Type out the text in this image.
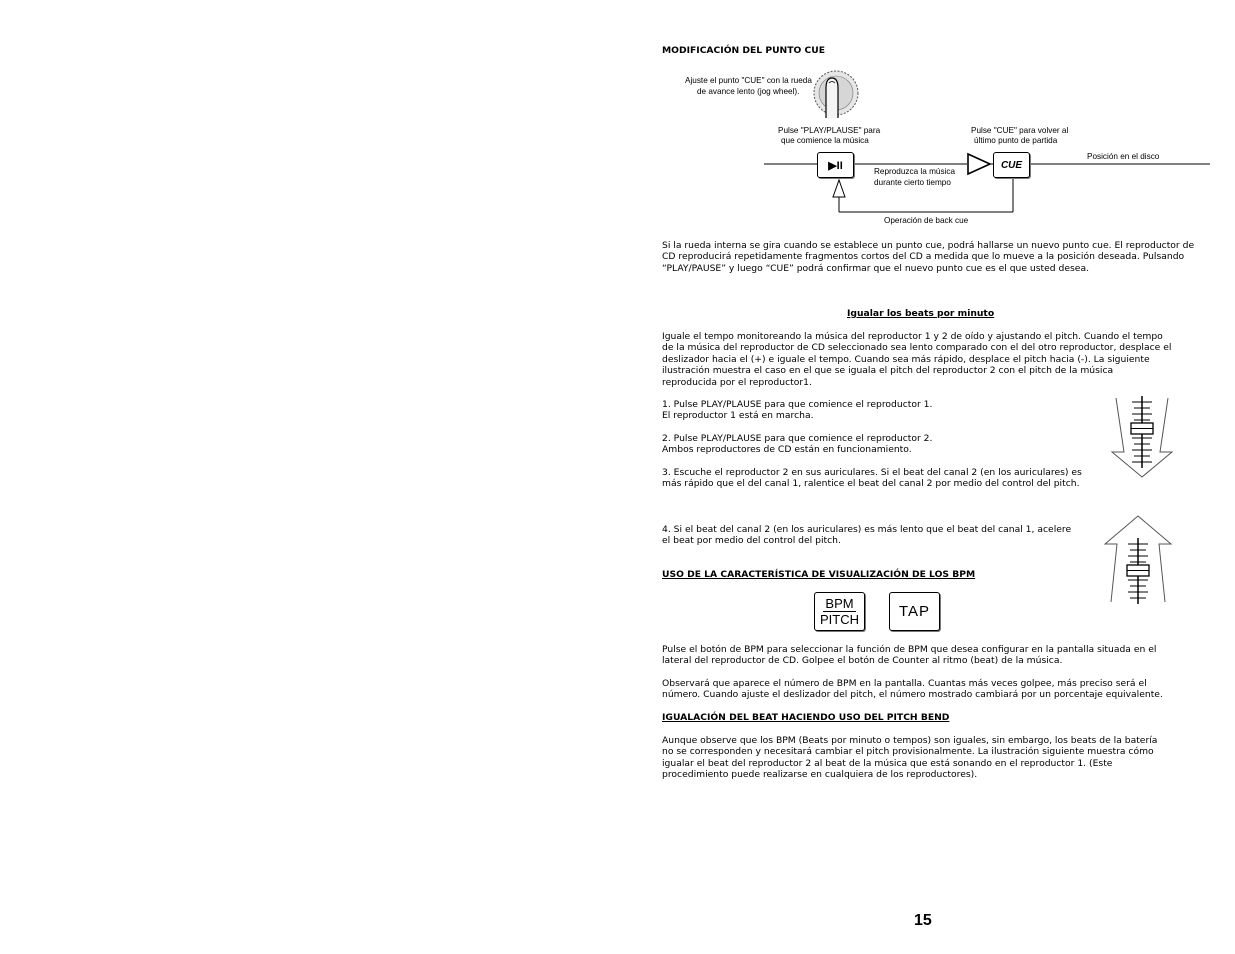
MODIFICACIÓN DEL PUNTO CUE
Ajuste el punto "CUE" con la rueda
de avance lento (jog wheel).
Pulse "PLAY/PLAUSE" para
que comience la música
Pulse "CUE" para volver al
último punto de partida
Posición en el disco
▶II	CUE
Reproduzca la música
durante cierto tiempo
Operación de back cue
Si la rueda interna se gira cuando se establece un punto cue, podrá hallarse un nuevo punto cue. El reproductor de
CD reproducirá repetidamente fragmentos cortos del CD a medida que lo mueve a la posición deseada. Pulsando
“PLAY/PAUSE” y luego “CUE” podrá confirmar que el nuevo punto cue es el que usted desea.
Igualar los beats por minuto
Iguale el tempo monitoreando la música del reproductor 1 y 2 de oído y ajustando el pitch. Cuando el tempo
de la música del reproductor de CD seleccionado sea lento comparado con el del otro reproductor, desplace el
deslizador hacia el (+) e iguale el tempo. Cuando sea más rápido, desplace el pitch hacia (-). La siguiente
ilustración muestra el caso en el que se iguala el pitch del reproductor 2 con el pitch de la música
reproducida por el reproductor1.
1. Pulse PLAY/PLAUSE para que comience el reproductor 1.
El reproductor 1 está en marcha.
2. Pulse PLAY/PLAUSE para que comience el reproductor 2.
Ambos reproductores de CD están en funcionamiento.
3. Escuche el reproductor 2 en sus auriculares. Si el beat del canal 2 (en los auriculares) es
más rápido que el del canal 1, ralentice el beat del canal 2 por medio del control del pitch.
4. Si el beat del canal 2 (en los auriculares) es más lento que el beat del canal 1, acelere
el beat por medio del control del pitch.
USO DE LA CARACTERÍSTICA DE VISUALIZACIÓN DE LOS BPM
BPM
PITCH	TAP
Pulse el botón de BPM para seleccionar la función de BPM que desea configurar en la pantalla situada en el
lateral del reproductor de CD. Golpee el botón de Counter al ritmo (beat) de la música.
Observará que aparece el número de BPM en la pantalla. Cuantas más veces golpee, más preciso será el
número. Cuando ajuste el deslizador del pitch, el número mostrado cambiará por un porcentaje equivalente.
IGUALACIÓN DEL BEAT HACIENDO USO DEL PITCH BEND
Aunque observe que los BPM (Beats por minuto o tempos) son iguales, sin embargo, los beats de la batería
no se corresponden y necesitará cambiar el pitch provisionalmente. La ilustración siguiente muestra cómo
igualar el beat del reproductor 2 al beat de la música que está sonando en el reproductor 1. (Este
procedimiento puede realizarse en cualquiera de los reproductores).
15
